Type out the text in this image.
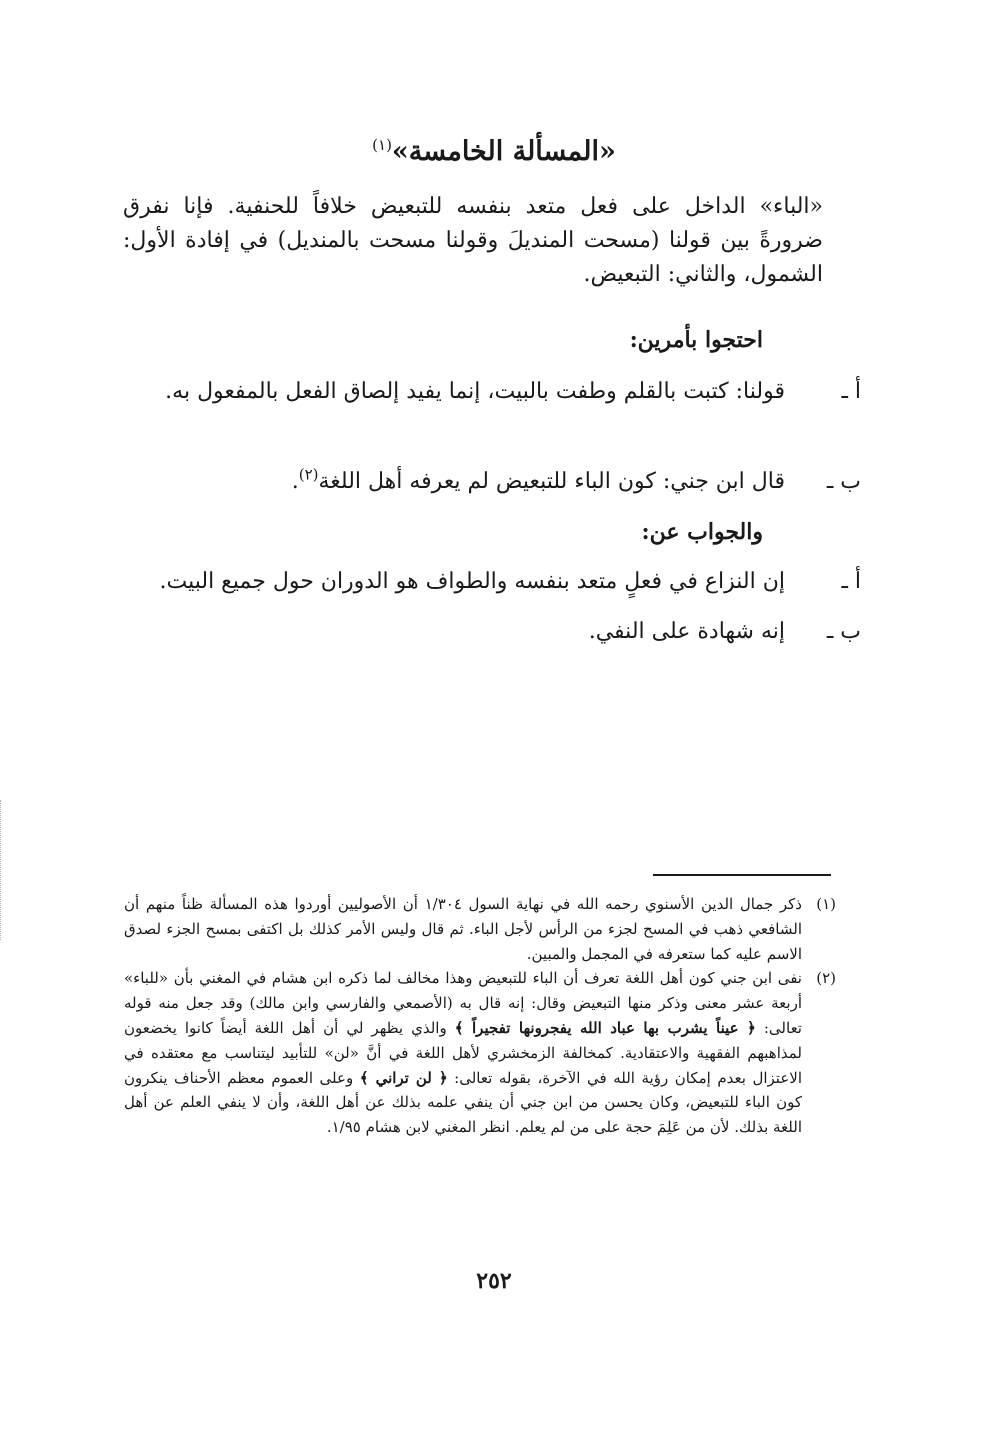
«المسألة الخامسة»$^{(١)}$

«الباء» الداخل على فعل متعد بنفسه للتبعيض خلافاً للحنفية. فإنا نفرق ضرورةً بين قولنا (مسحت المنديلَ وقولنا مسحت بالمنديل) في إفادة الأول: الشمول، والثاني: التبعيض.

احتجوا بأمرين:
أ ـقولنا: كتبت بالقلم وطفت بالبيت، إنما يفيد إلصاق الفعل بالمفعول به.
ب ـقال ابن جني: كون الباء للتبعيض لم يعرفه أهل اللغة$^{(٢)}$.
والجواب عن:
أ ـإن النزاع في فعلٍ متعد بنفسه والطواف هو الدوران حول جميع البيت.
ب ـإنه شهادة على النفي.

(١)ذكر جمال الدين الأسنوي رحمه الله في نهاية السول ١/٣٠٤ أن الأصوليين أوردوا هذه المسألة ظناً منهم أن الشافعي ذهب في المسح لجزء من الرأس لأجل الباء. ثم قال وليس الأمر كذلك بل اكتفى بمسح الجزء لصدق الاسم عليه كما ستعرفه في المجمل والمبين.

(٢)نفى ابن جني كون أهل اللغة تعرف أن الباء للتبعيض وهذا مخالف لما ذكره ابن هشام في المغني بأن «للباء» أربعة عشر معنى وذكر منها التبعيض وقال: إنه قال به (الأصمعي والفارسي وابن مالك) وقد جعل منه قوله تعالى: ﴿ عيناً يشرب بها عباد الله يفجرونها تفجيراً ﴾ والذي يظهر لي أن أهل اللغة أيضاً كانوا يخضعون لمذاهبهم الفقهية والاعتقادية. كمخالفة الزمخشري لأهل اللغة في أنَّ «لن» للتأبيد ليتناسب مع معتقده في الاعتزال بعدم إمكان رؤية الله في الآخرة، بقوله تعالى: ﴿ لن تراني ﴾ وعلى العموم معظم الأحناف ينكرون كون الباء للتبعيض، وكان يحسن من ابن جني أن ينفي علمه بذلك عن أهل اللغة، وأن لا ينفي العلم عن أهل اللغة بذلك. لأن من عَلِمَ حجة على من لم يعلم. انظر المغني لابن هشام ١/٩٥.

٢٥٢
